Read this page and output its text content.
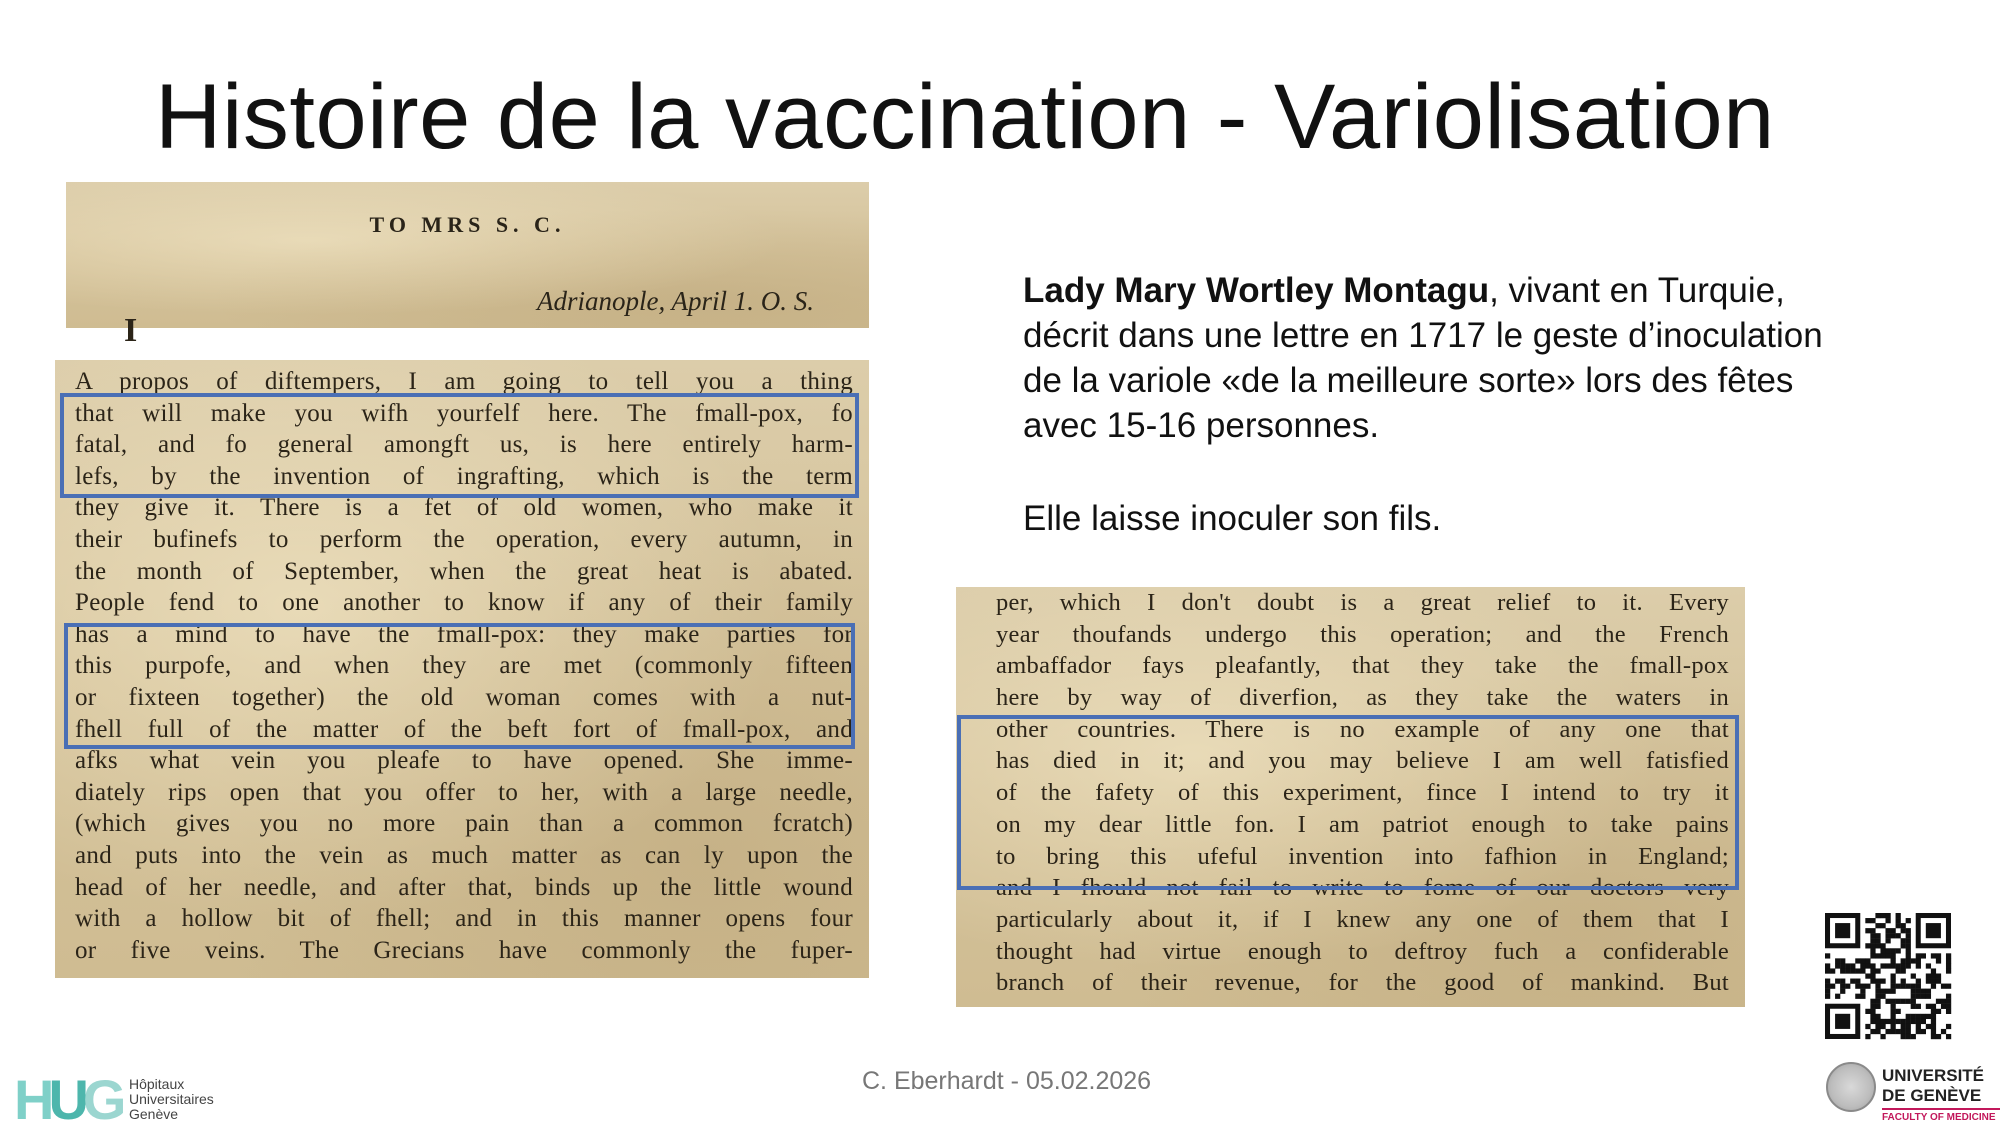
Histoire de la vaccination - Variolisation
TO MRS S. C.
Adrianople, April 1. O. S.
I
A propos of diftempers, I am going to tell you a thing
that will make you wifh yourfelf here. The fmall-pox, fo
fatal, and fo general amongft us, is here entirely harm-
lefs, by the invention of ingrafting, which is the term
they give it. There is a fet of old women, who make it
their bufinefs to perform the operation, every autumn, in
the month of September, when the great heat is abated.
People fend to one another to know if any of their family
has a mind to have the fmall-pox: they make parties for
this purpofe, and when they are met (commonly fifteen
or fixteen together) the old woman comes with a nut-
fhell full of the matter of the beft fort of fmall-pox, and
afks what vein you pleafe to have opened. She imme-
diately rips open that you offer to her, with a large needle,
(which gives you no more pain than a common fcratch)
and puts into the vein as much matter as can ly upon the
head of her needle, and after that, binds up the little wound
with a hollow bit of fhell; and in this manner opens four
or five veins. The Grecians have commonly the fuper-
per, which I don't doubt is a great relief to it. Every
year thoufands undergo this operation; and the French
ambaffador fays pleafantly, that they take the fmall-pox
here by way of diverfion, as they take the waters in
other countries. There is no example of any one that
has died in it; and you may believe I am well fatisfied
of the fafety of this experiment, fince I intend to try it
on my dear little fon. I am patriot enough to take pains
to bring this ufeful invention into fafhion in England;
and I fhould not fail to write to fome of our doctors very
particularly about it, if I knew any one of them that I
thought had virtue enough to deftroy fuch a confiderable
branch of their revenue, for the good of mankind. But

Lady Mary Wortley Montagu, vivant en Turquie, décrit dans une lettre en 1717 le geste d’inoculation de la variole «de la meilleure sorte» lors des fêtes avec 15-16 personnes.

Elle laisse inoculer son fils.

C. Eberhardt - 05.02.2026
HUG Hôpitaux
Universitaires
Genève
UNIVERSITÉ
DE GENÈVE
FACULTY OF MEDICINE
